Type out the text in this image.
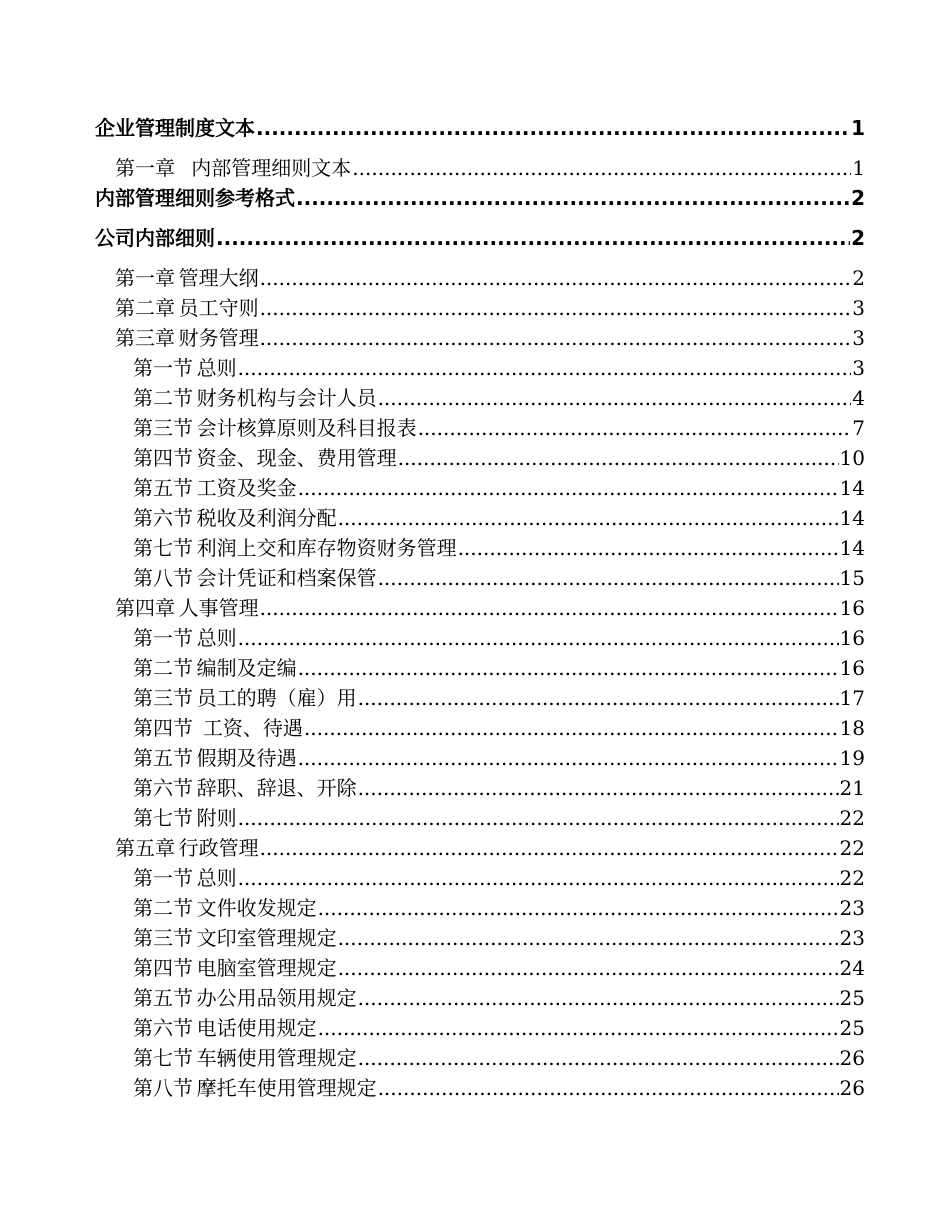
企业管理制度文本 .....	1
第一章		内部管理细则文本 .....	1
内部管理细则参考格式 .....	2
公司内部细则 .....	2
第一章	管理大纲 .....	2
第二章	员工守则 .....	3
第三章	财务管理 .....	3
第一节	总则 .....	3
第二节	财务机构与会计人员 .....	4
第三节	会计核算原则及科目报表 .....	7
第四节	资金、现金、费用管理 .....	10
第五节	工资及奖金 .....	14
第六节	税收及利润分配 .....	14
第七节	利润上交和库存物资财务管理 .....	14
第八节	会计凭证和档案保管 .....	15
第四章	人事管理 .....	16
第一节	总则 .....	16
第二节	编制及定编 .....	16
第三节	员工的聘（雇）用 .....	17
第四节	工资、待遇 .....	18
第五节	假期及待遇 .....	19
第六节	辞职、辞退、开除 .....	21
第七节	附则 .....	22
第五章	行政管理 .....	22
第一节	总则 .....	22
第二节	文件收发规定 .....	23
第三节	文印室管理规定 .....	23
第四节	电脑室管理规定 .....	24
第五节	办公用品领用规定 .....	25
第六节	电话使用规定 .....	25
第七节	车辆使用管理规定 .....	26
第八节	摩托车使用管理规定 .....	26
